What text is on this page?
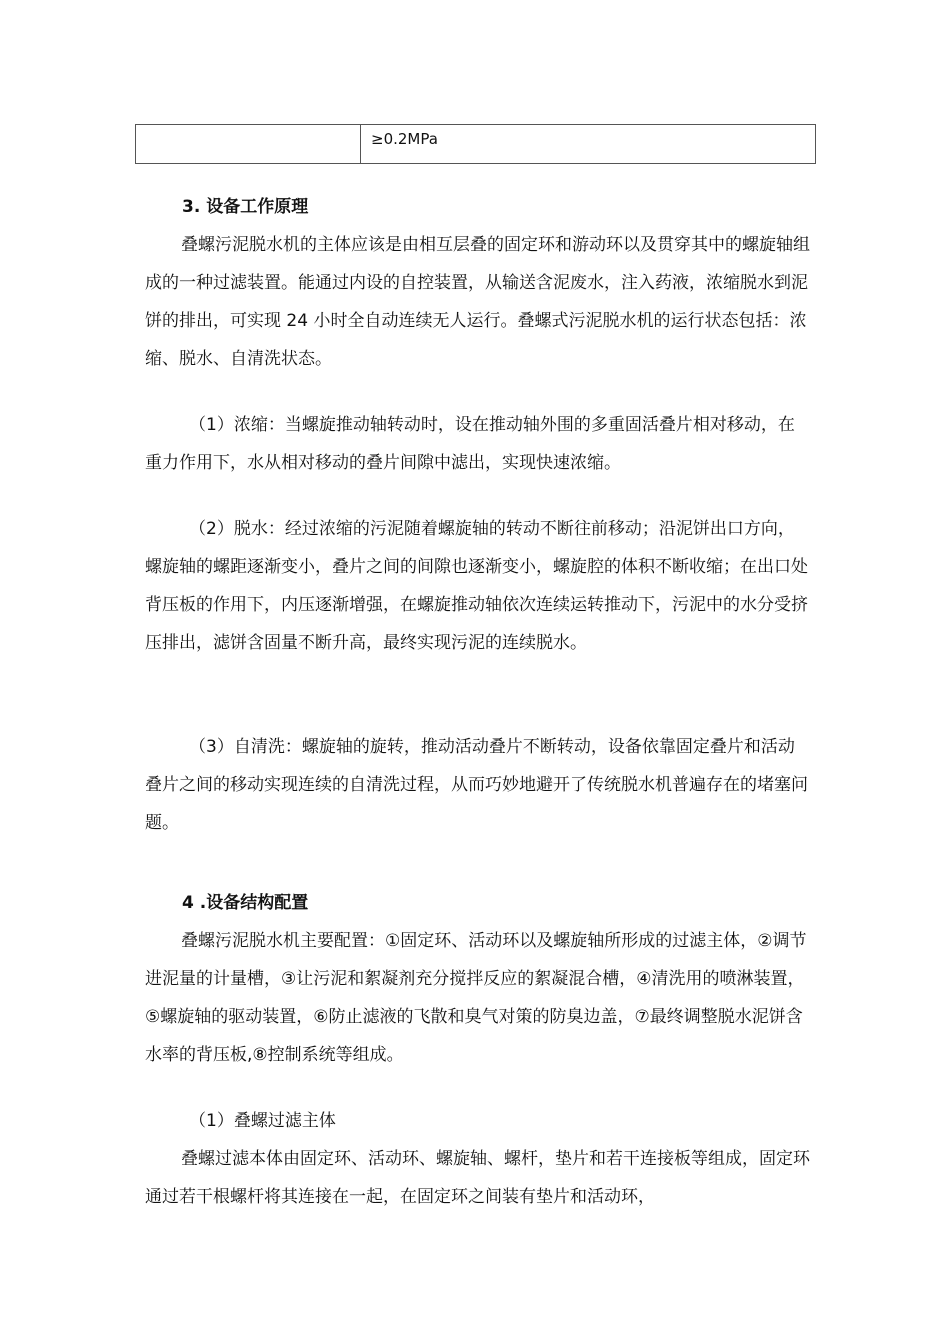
	≥0.2MPa

3. 设备工作原理

叠螺污泥脱水机的主体应该是由相互层叠的固定环和游动环以及贯穿其中的螺旋轴组成的一种过滤装置。能通过内设的自控装置，从输送含泥废水，注入药液，浓缩脱水到泥饼的排出，可实现 24 小时全自动连续无人运行。叠螺式污泥脱水机的运行状态包括：浓缩、脱水、自清洗状态。

（1）浓缩：当螺旋推动轴转动时，设在推动轴外围的多重固活叠片相对移动，在重力作用下，水从相对移动的叠片间隙中滤出，实现快速浓缩。

（2）脱水：经过浓缩的污泥随着螺旋轴的转动不断往前移动；沿泥饼出口方向，螺旋轴的螺距逐渐变小，叠片之间的间隙也逐渐变小，螺旋腔的体积不断收缩；在出口处背压板的作用下，内压逐渐增强，在螺旋推动轴依次连续运转推动下，污泥中的水分受挤压排出，滤饼含固量不断升高，最终实现污泥的连续脱水。

（3）自清洗：螺旋轴的旋转，推动活动叠片不断转动，设备依靠固定叠片和活动叠片之间的移动实现连续的自清洗过程，从而巧妙地避开了传统脱水机普遍存在的堵塞问题。

4 .设备结构配置

叠螺污泥脱水机主要配置：①固定环、活动环以及螺旋轴所形成的过滤主体，②调节进泥量的计量槽，③让污泥和絮凝剂充分搅拌反应的絮凝混合槽，④清洗用的喷淋装置，⑤螺旋轴的驱动装置，⑥防止滤液的飞散和臭气对策的防臭边盖，⑦最终调整脱水泥饼含水率的背压板,⑧控制系统等组成。

（1）叠螺过滤主体

叠螺过滤本体由固定环、活动环、螺旋轴、螺杆，垫片和若干连接板等组成，固定环通过若干根螺杆将其连接在一起，在固定环之间装有垫片和活动环，
